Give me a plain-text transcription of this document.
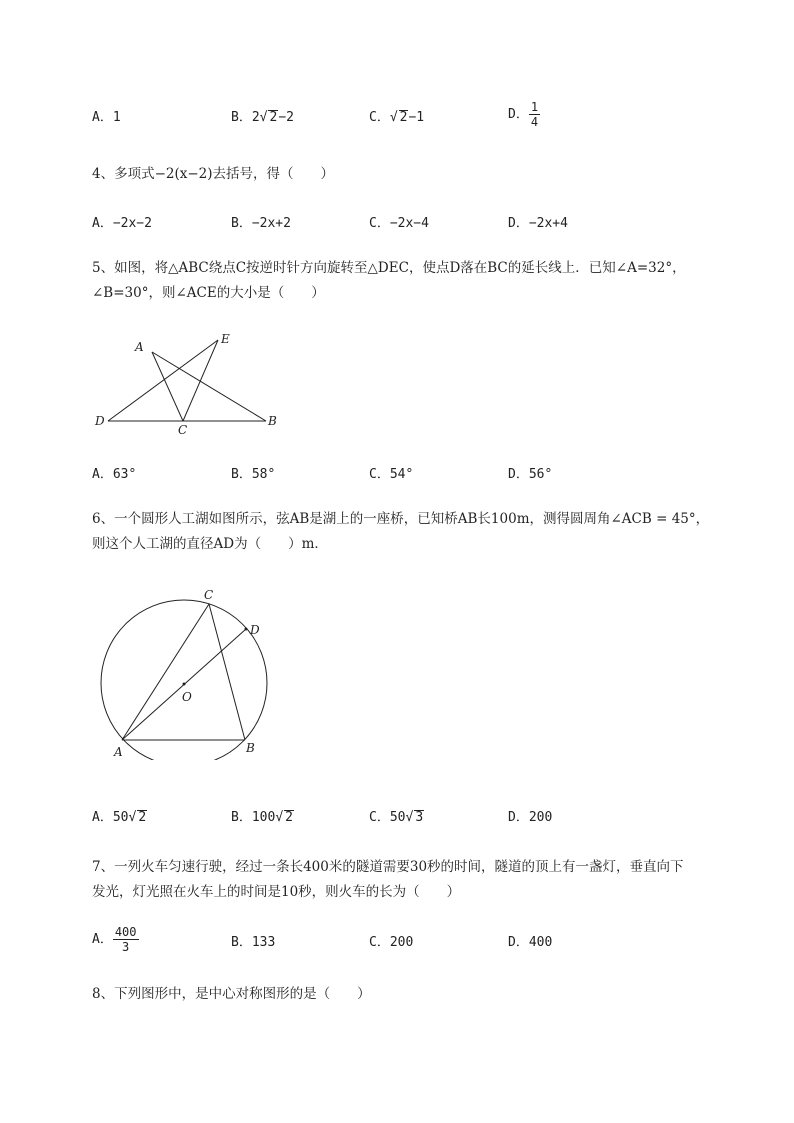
A．1	B．2√ 2−2	C．√ 2−1	D． $\frac{1}{4}$
4、多项式−2(x−2)去括号，得（　　）
A．−2x−2	B．−2x+2	C．−2x−4	D．−2x+4
5、如图，将△ABC绕点C按逆时针方向旋转至△DEC，使点D落在BC的延长线上．已知∠A=32°，
∠B=30°，则∠ACE的大小是（　　）
A
E
D
C
B
A．63°	B．58°	C．54°	D．56°
6、一个圆形人工湖如图所示，弦AB是湖上的一座桥，已知桥AB长100m，测得圆周角∠ACB = 45°，
则这个人工湖的直径AD为（　　）m．
C
D
O
A	B
A．50√ 2	B．100√ 2	C．50√ 3	D．200
7、一列火车匀速行驶，经过一条长400米的隧道需要30秒的时间，隧道的顶上有一盏灯，垂直向下
发光，灯光照在火车上的时间是10秒，则火车的长为（　　）
A． $\frac{400}{3}$	B．133	C．200	D．400
8、下列图形中，是中心对称图形的是（　　）
